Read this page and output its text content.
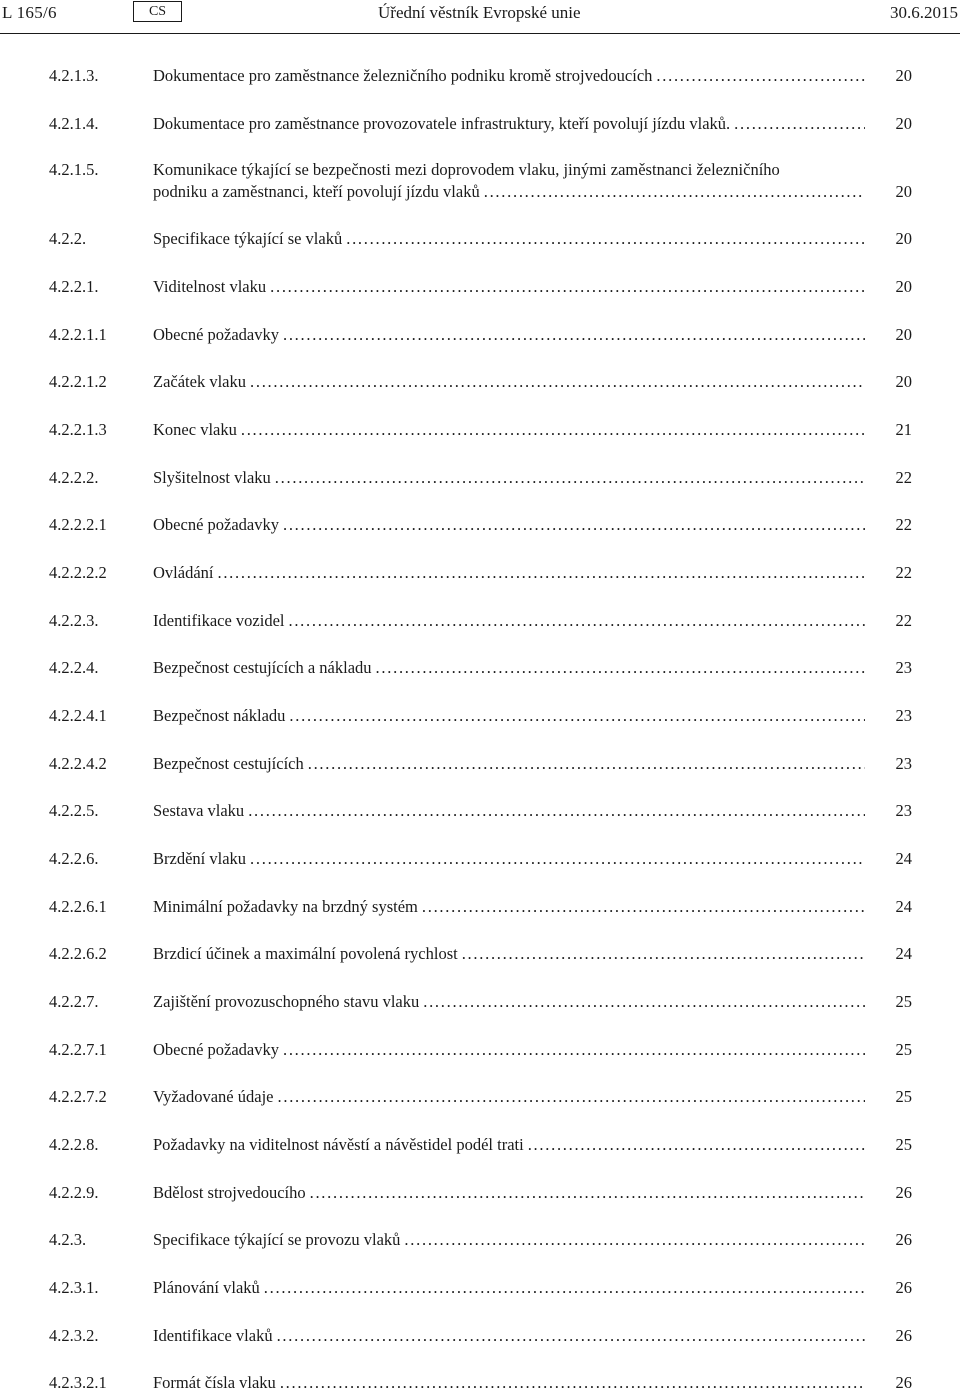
L 165/6	CS	Úřední věstník Evropské unie	30.6.2015
4.2.1.3.	Dokumentace pro zaměstnance železničního podniku kromě strojvedoucích . . .	20
4.2.1.4.	Dokumentace pro zaměstnance provozovatele infrastruktury, kteří povolují jízdu vlaků. . . .	20
4.2.1.5.	Komunikace týkající se bezpečnosti mezi doprovodem vlaku, jinými zaměstnanci železničního
podniku a zaměstnanci, kteří povolují jízdu vlaků . . .	20
4.2.2.	Specifikace týkající se vlaků . . .	20
4.2.2.1.	Viditelnost vlaku . . .	20
4.2.2.1.1	Obecné požadavky . . .	20
4.2.2.1.2	Začátek vlaku . . .	20
4.2.2.1.3	Konec vlaku . . .	21
4.2.2.2.	Slyšitelnost vlaku . . .	22
4.2.2.2.1	Obecné požadavky . . .	22
4.2.2.2.2	Ovládání . . .	22
4.2.2.3.	Identifikace vozidel . . .	22
4.2.2.4.	Bezpečnost cestujících a nákladu . . .	23
4.2.2.4.1	Bezpečnost nákladu . . .	23
4.2.2.4.2	Bezpečnost cestujících . . .	23
4.2.2.5.	Sestava vlaku . . .	23
4.2.2.6.	Brzdění vlaku . . .	24
4.2.2.6.1	Minimální požadavky na brzdný systém . . .	24
4.2.2.6.2	Brzdicí účinek a maximální povolená rychlost . . .	24
4.2.2.7.	Zajištění provozuschopného stavu vlaku . . .	25
4.2.2.7.1	Obecné požadavky . . .	25
4.2.2.7.2	Vyžadované údaje . . .	25
4.2.2.8.	Požadavky na viditelnost návěstí a návěstidel podél trati . . .	25
4.2.2.9.	Bdělost strojvedoucího . . .	26
4.2.3.	Specifikace týkající se provozu vlaků . . .	26
4.2.3.1.	Plánování vlaků . . .	26
4.2.3.2.	Identifikace vlaků . . .	26
4.2.3.2.1	Formát čísla vlaku . . .	26
